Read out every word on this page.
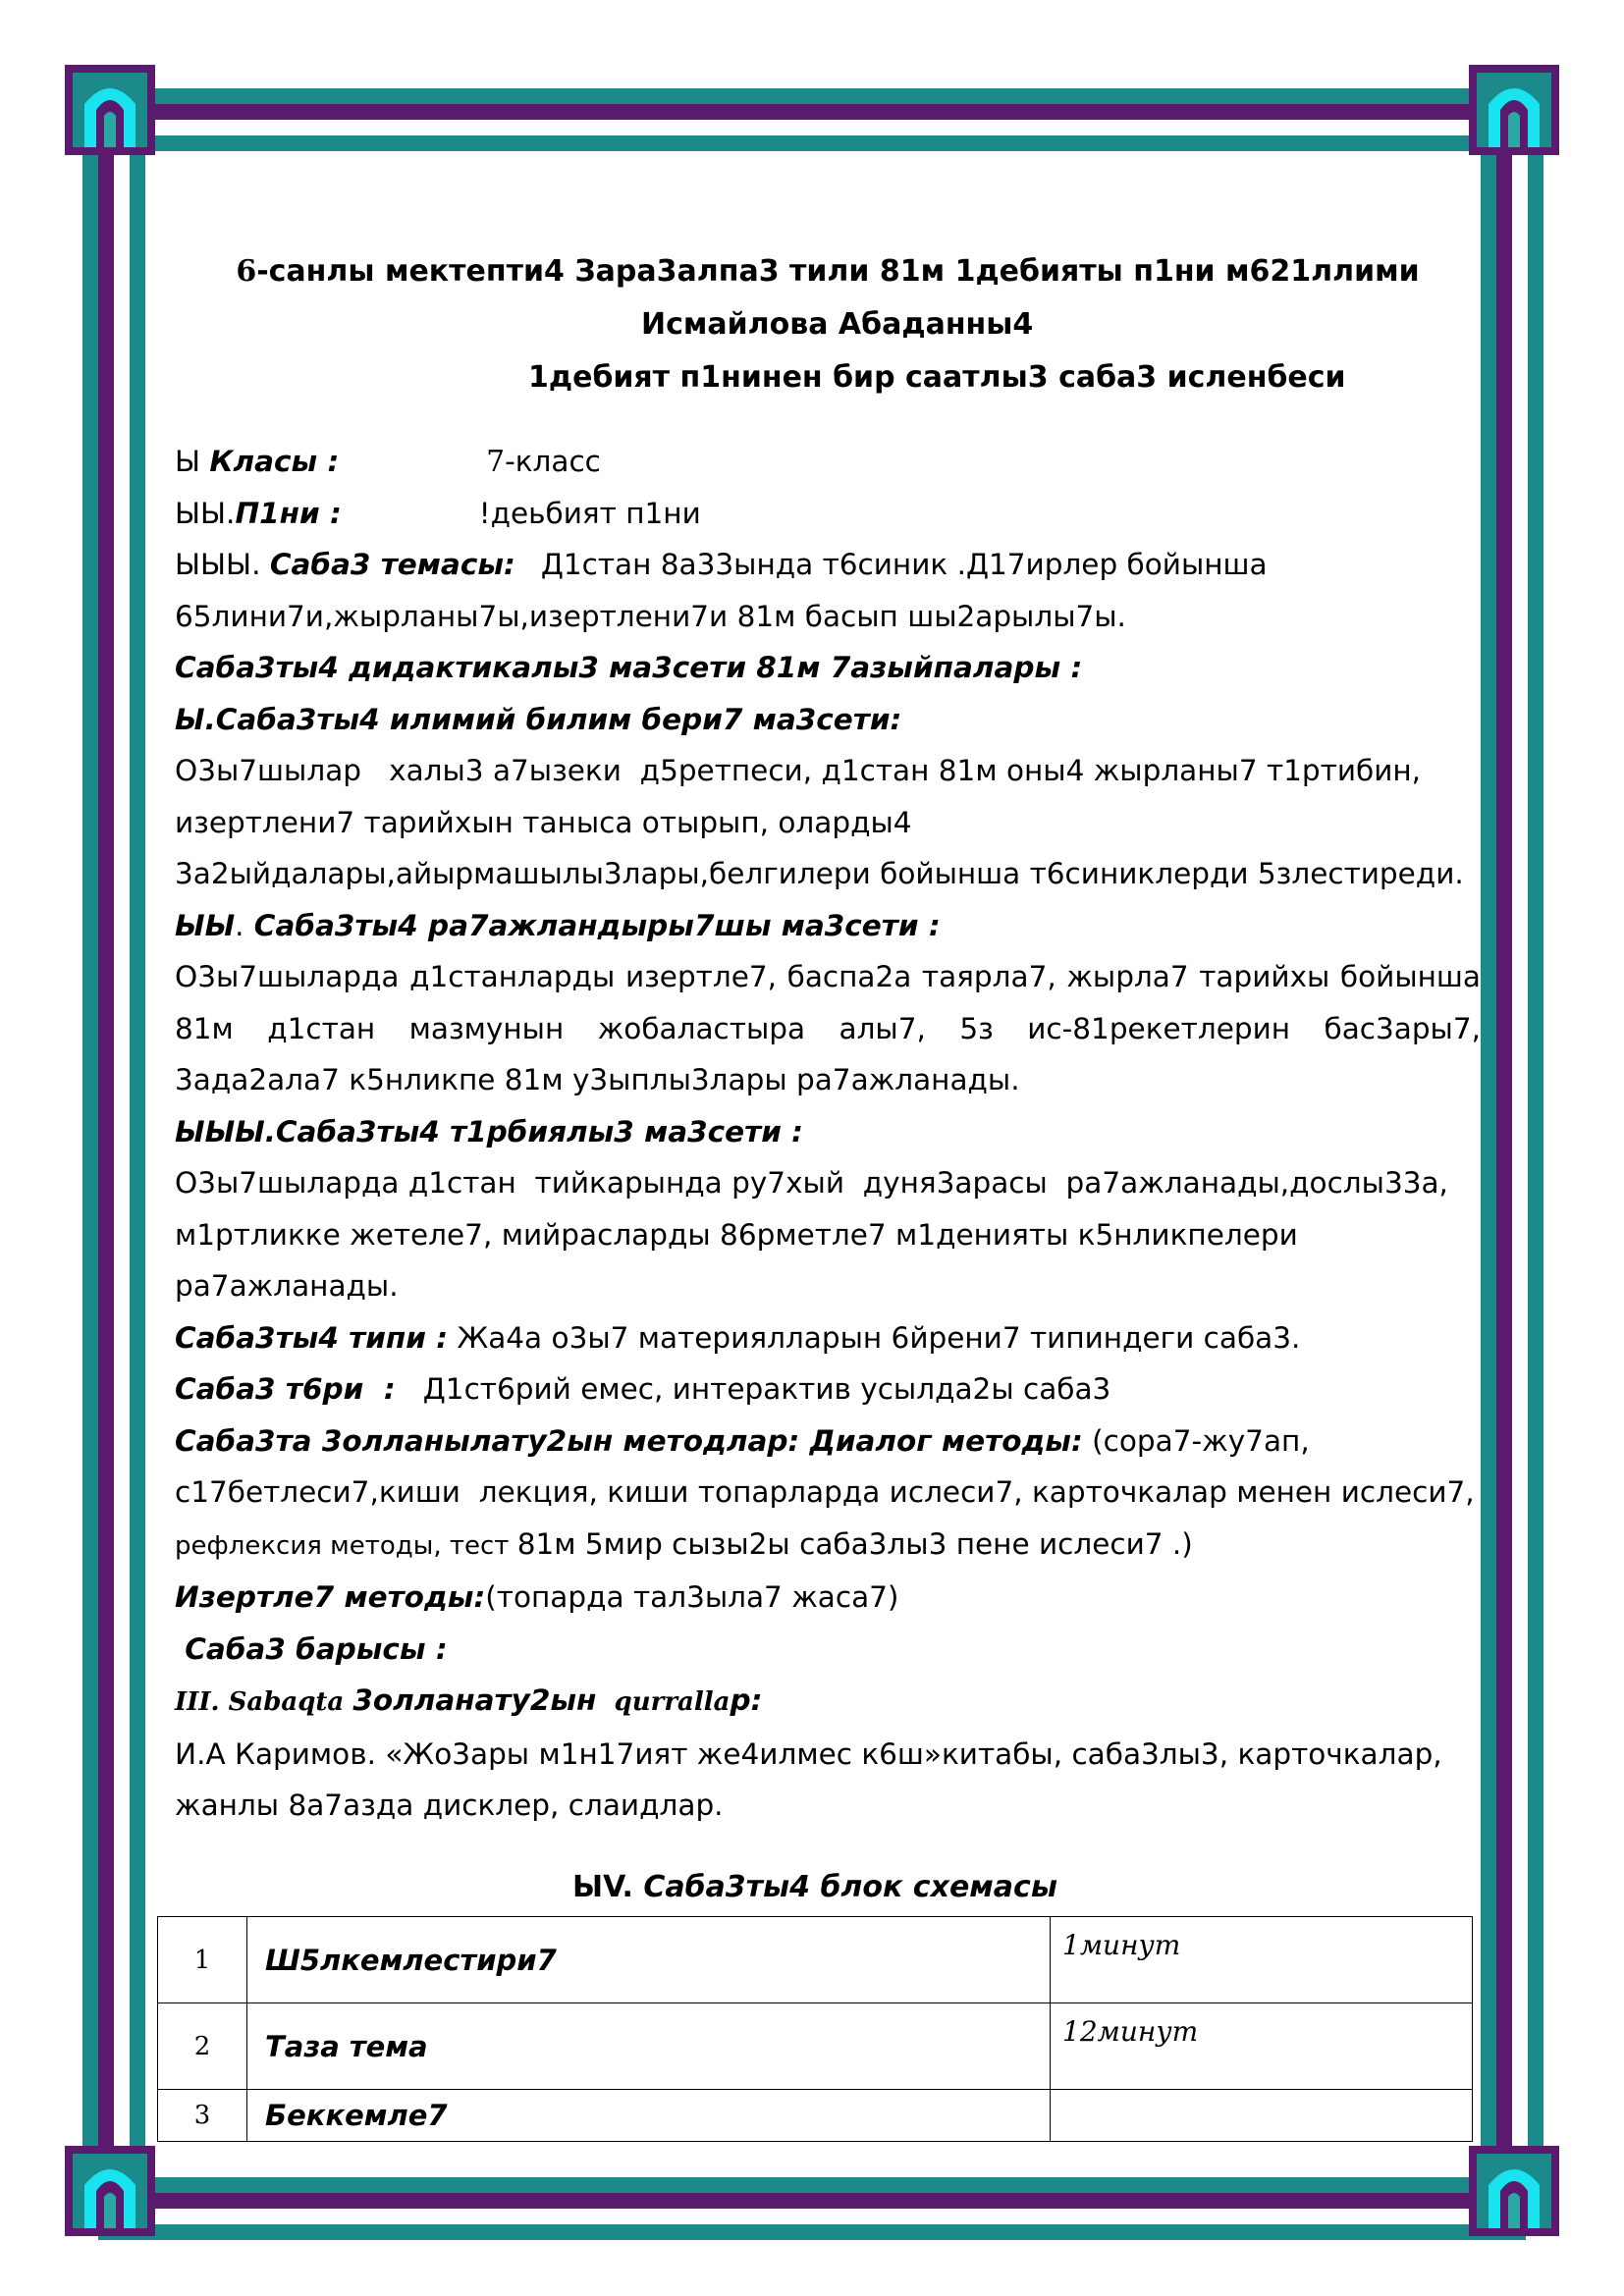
6-санлы мектепти4 Зара3алпа3 тили 81м 1дебияты п1ни м621ллими
Исмайлова Абаданны4
1дебият п1нинен бир саатлы3 саба3 исленбеси

Ы Класы :	7-класс

ЫЫ.П1ни :	!деьбият п1ни

ЫЫЫ. Саба3 темасы: Д1стан 8а33ында т6синик .Д17ирлер бойынша

65лини7и,жырланы7ы,изертлени7и 81м басып шы2арылы7ы.

Саба3ты4 дидактикалы3 ма3сети 81м 7азыйпалары :

Ы.Саба3ты4 илимий билим бери7 ма3сети:

О3ы7шылар   халы3 а7ызеки  д5ретпеси, д1стан 81м оны4 жырланы7 т1ртибин,

изертлени7 тарийхын таныса отырып, оларды4

3а2ыйдалары,айырмашылы3лары,белгилери бойынша т6синиклерди 5злестиреди.

ЫЫ. Саба3ты4 ра7ажландыры7шы ма3сети :

О3ы7шыларда д1станларды изертле7, баспа2а таярла7, жырла7 тарийхы бойынша 81м д1стан мазмунын жобаластыра алы7, 5з ис-81рекетлерин бас3ары7, 3ада2ала7 к5нликпе 81м у3ыплы3лары ра7ажланады.

ЫЫЫ.Саба3ты4 т1рбиялы3 ма3сети :

О3ы7шыларда д1стан  тийкарында ру7хый  дуня3арасы  ра7ажланады,дослы33а,

м1ртликке жетеле7, мийрасларды 86рметле7 м1денияты к5нликпелери

ра7ажланады.

Саба3ты4 типи : Жа4а о3ы7 материялларын 6йрени7 типиндеги саба3.

Саба3 т6ри  :   Д1ст6рий емес, интерактив усылда2ы саба3

Саба3та 3олланылату2ын методлар: Диалог методы: (сора7-жу7ап,

с17бетлеси7,киши  лекция, киши топарларда ислеси7, карточкалар менен ислеси7,

рефлексия методы, тест 81м 5мир сызы2ы саба3лы3 пене ислеси7 .)

Изертле7 методы:(топарда тал3ыла7 жаса7)

Саба3 барысы :

III. Sabaqta 3олланату2ын  qurrallaр:

И.А Каримов. «Жо3ары м1н17ият же4илмес к6ш»китабы, саба3лы3, карточкалар,

жанлы 8а7азда дисклер, слаидлар.

ЫV. Саба3ты4 блок схемасы
1	Ш5лкемлестири7	1минут
2	Таза тема	12минут
3	Беккемле7	
